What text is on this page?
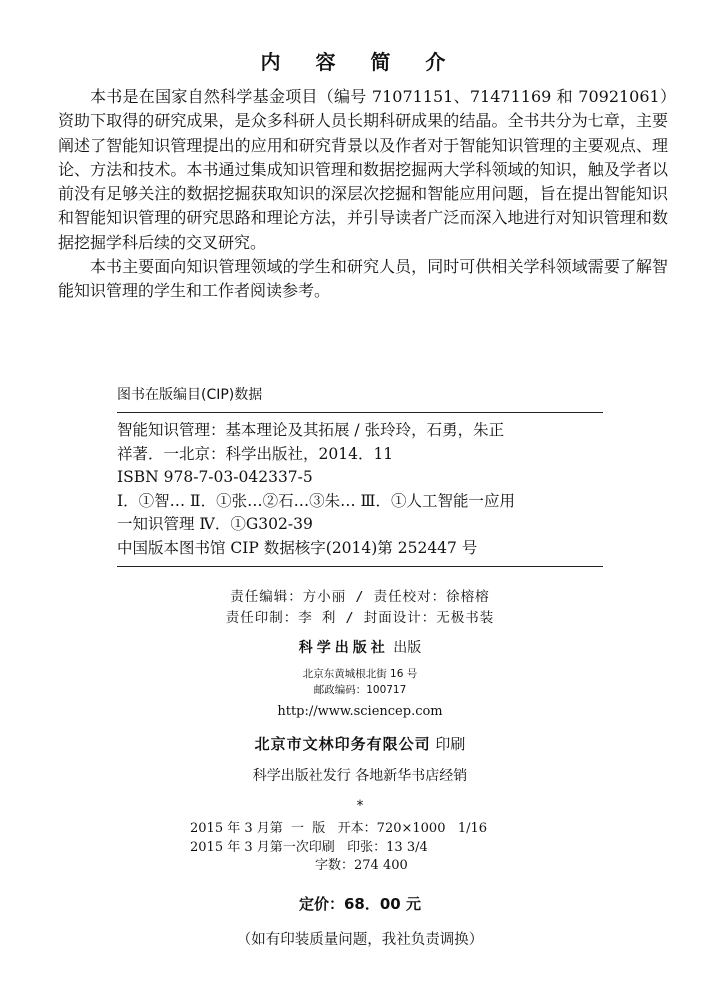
内 容 简 介

本书是在国家自然科学基金项目（编号 71071151、71471169 和 70921061）资助下取得的研究成果，是众多科研人员长期科研成果的结晶。全书共分为七章，主要阐述了智能知识管理提出的应用和研究背景以及作者对于智能知识管理的主要观点、理论、方法和技术。本书通过集成知识管理和数据挖掘两大学科领域的知识，触及学者以前没有足够关注的数据挖掘获取知识的深层次挖掘和智能应用问题，旨在提出智能知识和智能知识管理的研究思路和理论方法，并引导读者广泛而深入地进行对知识管理和数据挖掘学科后续的交叉研究。

本书主要面向知识管理领域的学生和研究人员，同时可供相关学科领域需要了解智能知识管理的学生和工作者阅读参考。

图书在版编目(CIP)数据
智能知识管理：基本理论及其拓展 / 张玲玲，石勇，朱正
祥著．一北京：科学出版社，2014．11
ISBN 978-7-03-042337-5
Ⅰ．①智… Ⅱ．①张…②石…③朱… Ⅲ．①人工智能一应用
一知识管理 Ⅳ．①G302-39
中国版本图书馆 CIP 数据核字(2014)第 252447 号
责任编辑：方小丽 / 责任校对：徐榕榕
责任印制：李 利 / 封面设计：无极书装
科学出版社 出版
北京东黄城根北街 16 号
邮政编码：100717
http://www.sciencep.com
北京市文林印务有限公司 印刷
科学出版社发行 各地新华书店经销
*
2015 年 3 月第  一  版   开本：720×1000   1/16
2015 年 3 月第一次印刷   印张：13 3/4
字数：274 400
定价：68．00 元
（如有印装质量问题，我社负责调换）
